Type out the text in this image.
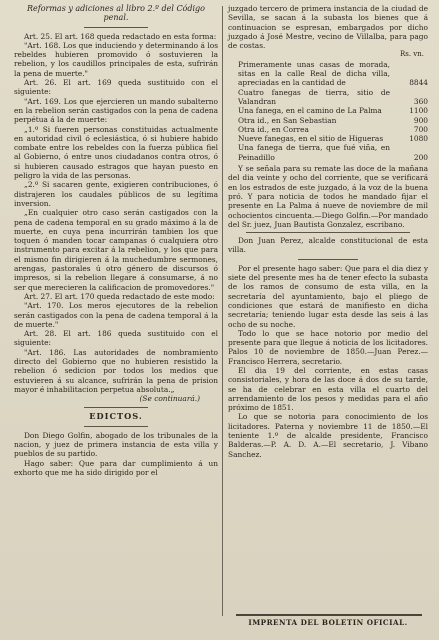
Reformas y adiciones al libro 2.º del Código

penal.

Art. 25. El art. 168 queda redactado en esta forma:

"Art. 168. Los que induciendo y determinando á los rebeldes hubieren promovido ó sostuvieren la rebelion, y los caudillos principales de esta, sufrirán la pena de muerte."

Art. 26. El art. 169 queda sustituido con el siguiente:

"Art. 169. Los que ejercieren un mando subalterno en la rebelion serán castigados con la pena de cadena perpétua á la de muerte:

„1.º Si fueren personas constituidas actualmente en autoridad civil ó eclesiástica, ó si hubiere habido combate entre los rebeldes con la fuerza pública fiel al Gobierno, ó entre unos ciudadanos contra otros, ó si hubieren causado estragos que hayan puesto en peligro la vida de las personas.

„2.º Si sacaren gente, exigieren contribuciones, ó distrajeren los caudales públicos de su legítima inversion.

„En cualquier otro caso serán castigados con la pena de cadena temporal en su grado máximo á la de muerte, en cuya pena incurrirán tambien los que toquen ó manden tocar campanas ó cualquiera otro instrumento para excitar á la rebelion, y los que para el mismo fin dirigieren á la muchedumbre sermones, arengas, pastorales ú otro género de discursos ó impresos, si la rebelion llegare á consumarse, á no ser que merecieren la calificacion de promovedores."

Art. 27. El art. 170 queda redactado de este modo:

"Art. 170. Los meros ejecutores de la rebelion serán castigados con la pena de cadena temporal á la de muerte."

Art. 28. El art. 186 queda sustituido con el siguiente:

"Art. 186. Las autoridades de nombramiento directo del Gobierno que no hubieren resistido la rebelion ó sedicion por todos los medios que estuvieren á su alcance, sufrirán la pena de prision mayor é inhabilitacion perpetua absoluta.„

(Se continuará.)

EDICTOS.

Don Diego Golfin, abogado de los tribunales de la nacion, y juez de primera instancia de esta villa y pueblos de su partido.

Hago saber: Que para dar cumplimiento á un exhorto que me ha sido dirigido por el

juzgado tercero de primera instancia de la ciudad de Sevilla, se sacan á la subasta los bienes que á continuacion se espresan, embargados por dicho juzgado á José Mestre, vecino de Villalba, para pago de costas.

Rs. vn.

Primeramente unas casas de morada, sitas en la calle Real de dicha villa, apreciadas en la cantidad de	8844
Cuatro fanegas de tierra, sitio de Valandran	360
Una fanega, en el camino de La Palma	1100
Otra id., en San Sebastian	900
Otra id., en Correa	700
Nueve fanegas, en el sitio de Higueras	1080
Una fanega de tierra, que fué viña, en Peinadillo	200

Y se señala para su remate las doce de la mañana del dia veinte y ocho del corriente, que se verificará en los estrados de este juzgado, á la voz de la buena pró. Y para noticia de todos he mandado fijar el presente en La Palma á nueve de noviembre de mil ochocientos cincuenta.—Diego Golfin.—Por mandado del Sr. juez, Juan Bautista Gonzalez, escribano.

Don Juan Perez, alcalde constitucional de esta villa.

Por el presente hago saber: Que para el dia diez y siete del presente mes ha de tener efecto la subasta de los ramos de consumo de esta villa, en la secretaría del ayuntamiento, bajo el pliego de condiciones que estará de manifiesto en dicha secretaría; teniendo lugar esta desde las seis á las ocho de su noche.

Todo lo que se hace notorio por medio del presente para que llegue á noticia de los licitadores. Palos 10 de noviembre de 1850.—Juan Perez.—Francisco Herrera, secretario.

El dia 19 del corriente, en estas casas consistoriales, y hora de las doce á dos de su tarde, se ha de celebrar en esta villa el cuarto del arrendamiento de los pesos y medidas para el año próximo de 1851.

Lo que se notoria para conocimiento de los licitadores. Paterna y noviembre 11 de 1850.—El teniente 1.º de alcalde presidente, Francisco Balderas.—P. A. D. A.—El secretario, J. Vibano Sanchez.

IMPRENTA DEL BOLETIN OFICIAL.
